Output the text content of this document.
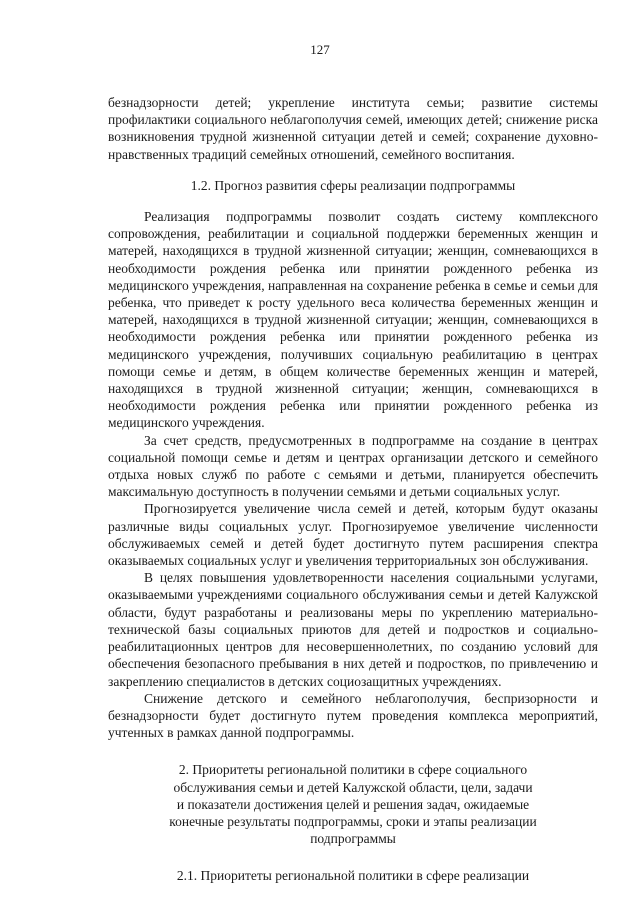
127

безнадзорности детей; укрепление института семьи; развитие системы профилактики социального неблагополучия семей, имеющих детей; снижение риска возникновения трудной жизненной ситуации детей и семей; сохранение духовно-нравственных традиций семейных отношений, семейного воспитания.

1.2. Прогноз развития сферы реализации подпрограммы

Реализация подпрограммы позволит создать систему комплексного сопровождения, реабилитации и социальной поддержки беременных женщин и матерей, находящихся в трудной жизненной ситуации; женщин, сомневающихся в необходимости рождения ребенка или принятии рожденного ребенка из медицинского учреждения, направленная на сохранение ребенка в семье и семьи для ребенка, что приведет к росту удельного веса количества беременных женщин и матерей, находящихся в трудной жизненной ситуации; женщин, сомневающихся в необходимости рождения ребенка или принятии рожденного ребенка из медицинского учреждения, получивших социальную реабилитацию в центрах помощи семье и детям, в общем количестве беременных женщин и матерей, находящихся в трудной жизненной ситуации; женщин, сомневающихся в необходимости рождения ребенка или принятии рожденного ребенка из медицинского учреждения.

За счет средств, предусмотренных в подпрограмме на создание в центрах социальной помощи семье и детям и центрах организации детского и семейного отдыха новых служб по работе с семьями и детьми, планируется обеспечить максимальную доступность в получении семьями и детьми социальных услуг.

Прогнозируется увеличение числа семей и детей, которым будут оказаны различные виды социальных услуг. Прогнозируемое увеличение численности обслуживаемых семей и детей будет достигнуто путем расширения спектра оказываемых социальных услуг и увеличения территориальных зон обслуживания.

В целях повышения удовлетворенности населения социальными услугами, оказываемыми учреждениями социального обслуживания семьи и детей Калужской области, будут разработаны и реализованы меры по укреплению материально-технической базы социальных приютов для детей и подростков и социально-реабилитационных центров для несовершеннолетних, по созданию условий для обеспечения безопасного пребывания в них детей и подростков, по привлечению и закреплению специалистов в детских социозащитных учреждениях.

Снижение детского и семейного неблагополучия, беспризорности и безнадзорности будет достигнуто путем проведения комплекса мероприятий, учтенных в рамках данной подпрограммы.

2. Приоритеты региональной политики в сфере социального
обслуживания семьи и детей Калужской области, цели, задачи
и показатели достижения целей и решения задач, ожидаемые
конечные результаты подпрограммы, сроки и этапы реализации
подпрограммы

2.1. Приоритеты региональной политики в сфере реализации
